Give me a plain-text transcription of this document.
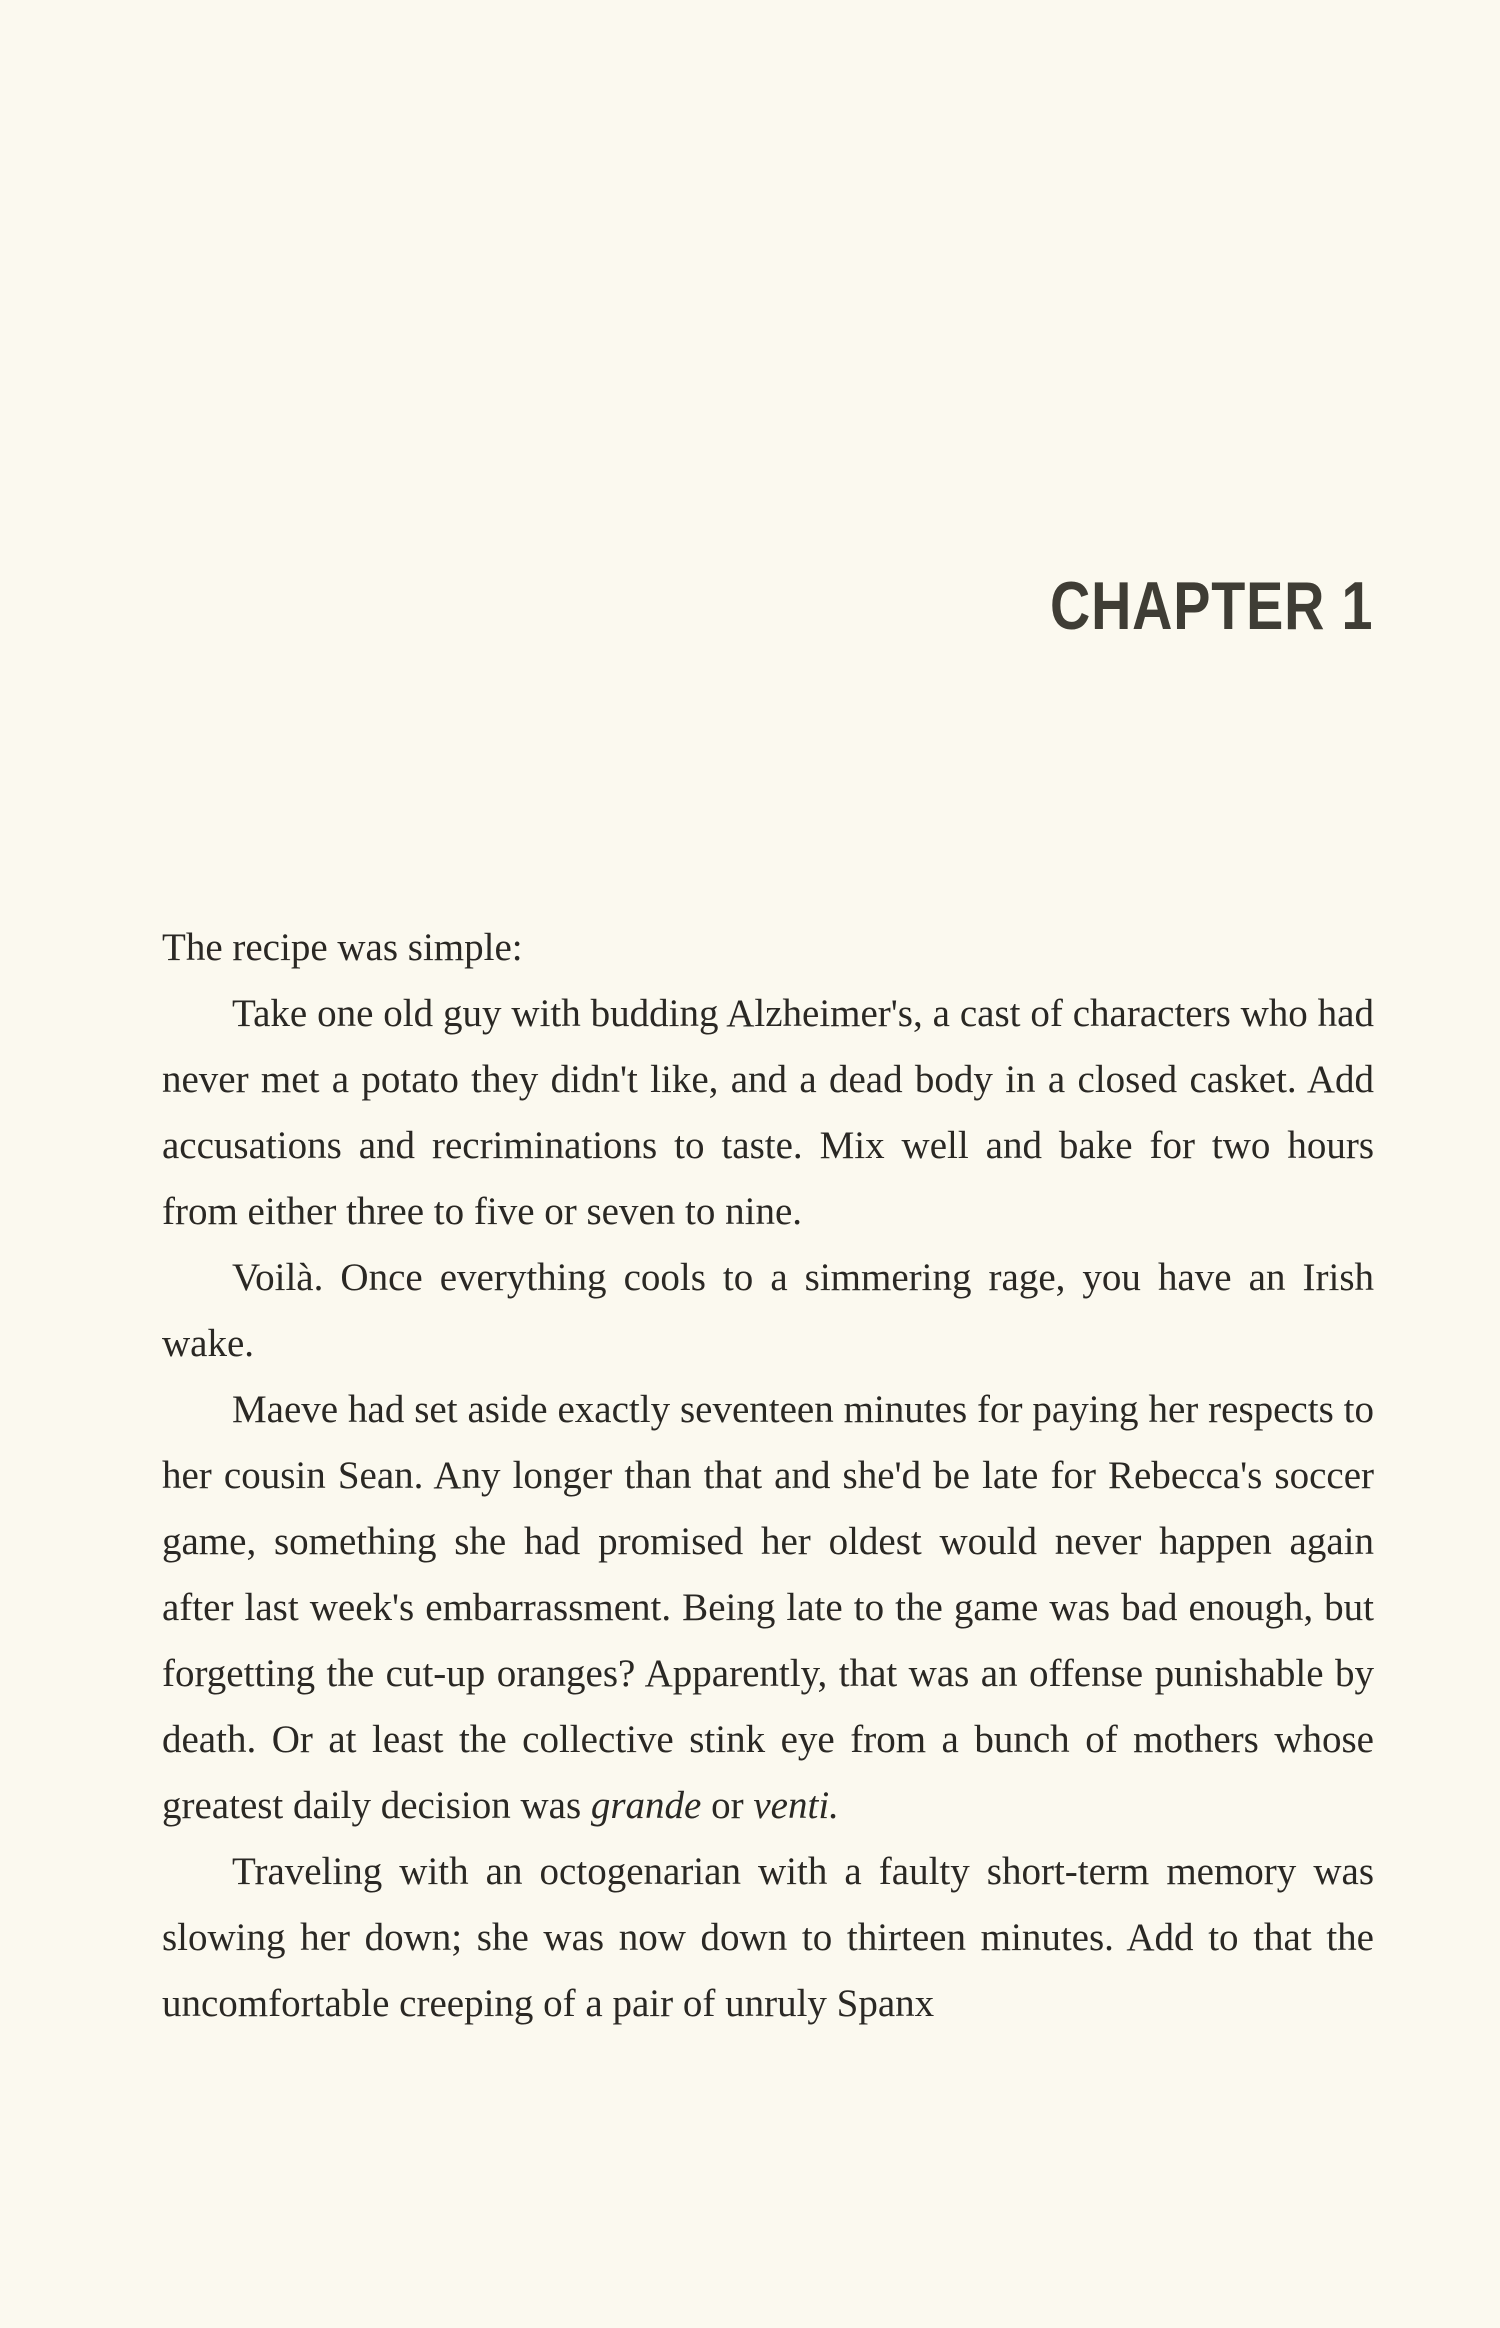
CHAPTER 1

The recipe was simple:

Take one old guy with budding Alzheimer's, a cast of characters who had never met a potato they didn't like, and a dead body in a closed casket. Add accusations and recriminations to taste. Mix well and bake for two hours from either three to five or seven to nine.

Voilà. Once everything cools to a simmering rage, you have an Irish wake.

Maeve had set aside exactly seventeen minutes for paying her respects to her cousin Sean. Any longer than that and she'd be late for Rebecca's soccer game, something she had promised her oldest would never happen again after last week's embarrassment. Being late to the game was bad enough, but forgetting the cut-up oranges? Apparently, that was an offense punishable by death. Or at least the collective stink eye from a bunch of mothers whose greatest daily decision was grande or venti.

Traveling with an octogenarian with a faulty short-term memory was slowing her down; she was now down to thirteen minutes. Add to that the uncomfortable creeping of a pair of unruly Spanx
